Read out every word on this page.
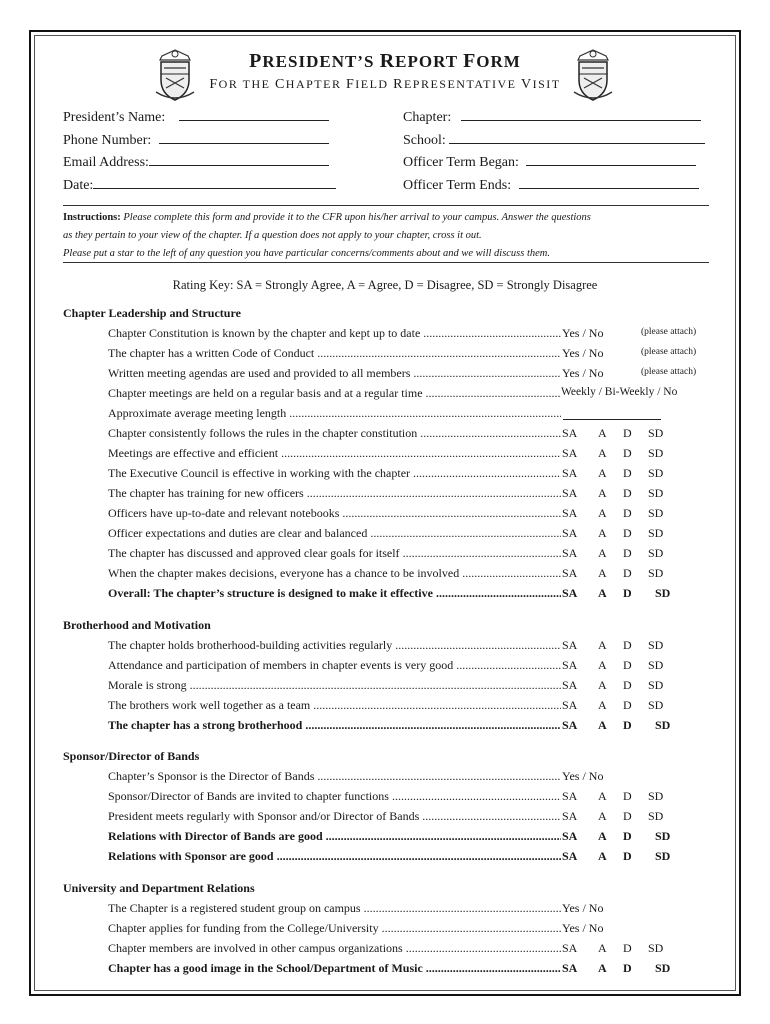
PRESIDENT’S REPORT FORM
FOR THE CHAPTER FIELD REPRESENTATIVE VISIT
President’s Name:
Phone Number:
Email Address:
Date:
Chapter:
School:
Officer Term Began:
Officer Term Ends:
Instructions: Please complete this form and provide it to the CFR upon his/her arrival to your campus. Answer the questions
as they pertain to your view of the chapter. If a question does not apply to your chapter, cross it out.
Please put a star to the left of any question you have particular concerns/comments about and we will discuss them.
Rating Key: SA = Strongly Agree, A = Agree, D = Disagree, SD = Strongly Disagree
Chapter Leadership and Structure
Chapter Constitution is known by the chapter and kept up to date .....	Yes / No	(please attach)
The chapter has a written Code of Conduct .....	Yes / No	(please attach)
Written meeting agendas are used and provided to all members .....	Yes / No	(please attach)
Chapter meetings are held on a regular basis and at a regular time .....	Weekly / Bi-Weekly / No
Approximate average meeting length .....
Chapter consistently follows the rules in the chapter constitution .....	SA A D SD
Meetings are effective and efficient .....	SA A D SD
The Executive Council is effective in working with the chapter .....	SA A D SD
The chapter has training for new officers .....	SA A D SD
Officers have up-to-date and relevant notebooks .....	SA A D SD
Officer expectations and duties are clear and balanced .....	SA A D SD
The chapter has discussed and approved clear goals for itself .....	SA A D SD
When the chapter makes decisions, everyone has a chance to be involved .....	SA A D SD
Overall: The chapter’s structure is designed to make it effective .....	SA A D SD
Brotherhood and Motivation
The chapter holds brotherhood-building activities regularly .....	SA A D SD
Attendance and participation of members in chapter events is very good .....	SA A D SD
Morale is strong .....	SA A D SD
The brothers work well together as a team .....	SA A D SD
The chapter has a strong brotherhood .....	SA A D SD
Sponsor/Director of Bands
Chapter’s Sponsor is the Director of Bands .....	Yes / No
Sponsor/Director of Bands are invited to chapter functions .....	SA A D SD
President meets regularly with Sponsor and/or Director of Bands .....	SA A D SD
Relations with Director of Bands are good .....	SA A D SD
Relations with Sponsor are good .....	SA A D SD
University and Department Relations
The Chapter is a registered student group on campus .....	Yes / No
Chapter applies for funding from the College/University .....	Yes / No
Chapter members are involved in other campus organizations .....	SA A D SD
Chapter has a good image in the School/Department of Music .....	SA A D SD
